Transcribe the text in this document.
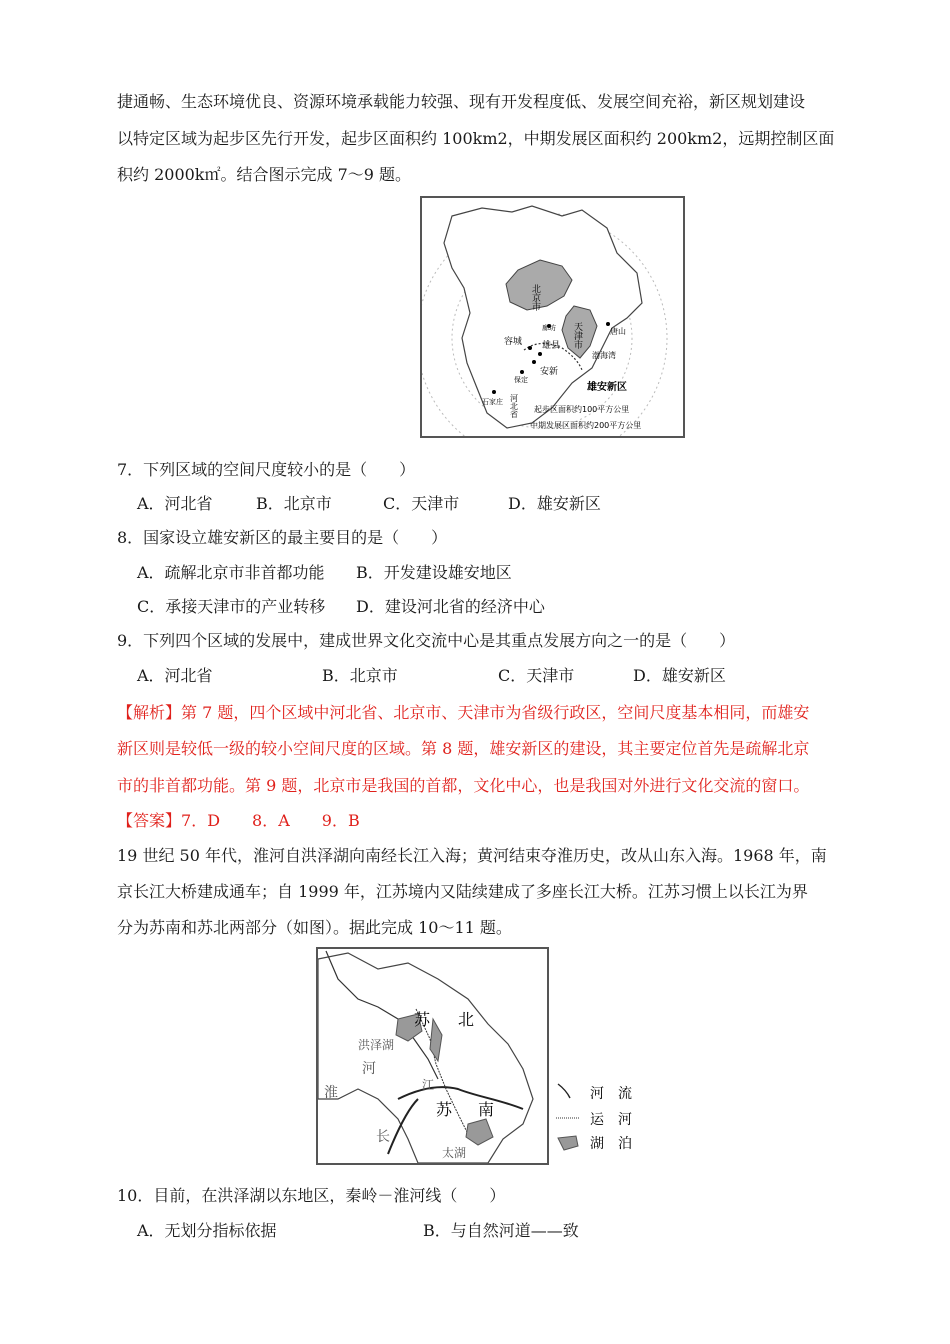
捷通畅、生态环境优良、资源环境承载能力较强、现有开发程度低、发展空间充裕，新区规划建设
以特定区域为起步区先行开发，起步区面积约 100km2，中期发展区面积约 200km2，远期控制区面
积约 2000k㎡。结合图示完成 7～9 题。
北京市
天津市
廊坊	唐山
容城 雄县
安新
渤海湾
保定
石家庄 河北省
雄安新区
起步区面积约100平方公里
中期发展区面积约200平方公里
7．下列区域的空间尺度较小的是（　　）
A．河北省	B．北京市	C．天津市	D．雄安新区
8．国家设立雄安新区的最主要目的是（　　）
A．疏解北京市非首都功能 B．开发建设雄安地区
C．承接天津市的产业转移 D．建设河北省的经济中心
9．下列四个区域的发展中，建成世界文化交流中心是其重点发展方向之一的是（　　）
A．河北省	B．北京市	C．天津市	D．雄安新区
【解析】第 7 题，四个区域中河北省、北京市、天津市为省级行政区，空间尺度基本相同，而雄安
新区则是较低一级的较小空间尺度的区域。第 8 题，雄安新区的建设，其主要定位首先是疏解北京
市的非首都功能。第 9 题，北京市是我国的首都，文化中心，也是我国对外进行文化交流的窗口。
【答案】7．D　　8．A　　9．B
19 世纪 50 年代，淮河自洪泽湖向南经长江入海；黄河结束夺淮历史，改从山东入海。1968 年，南
京长江大桥建成通车；自 1999 年，江苏境内又陆续建成了多座长江大桥。江苏习惯上以长江为界
分为苏南和苏北两部分（如图）。据此完成 10～11 题。
苏 北
洪泽湖
河
淮	江
苏 南
长
太湖
河　流
运　河
湖　泊
10．目前，在洪泽湖以东地区，秦岭－淮河线（　　）
A．无划分指标依据	B．与自然河道——致
